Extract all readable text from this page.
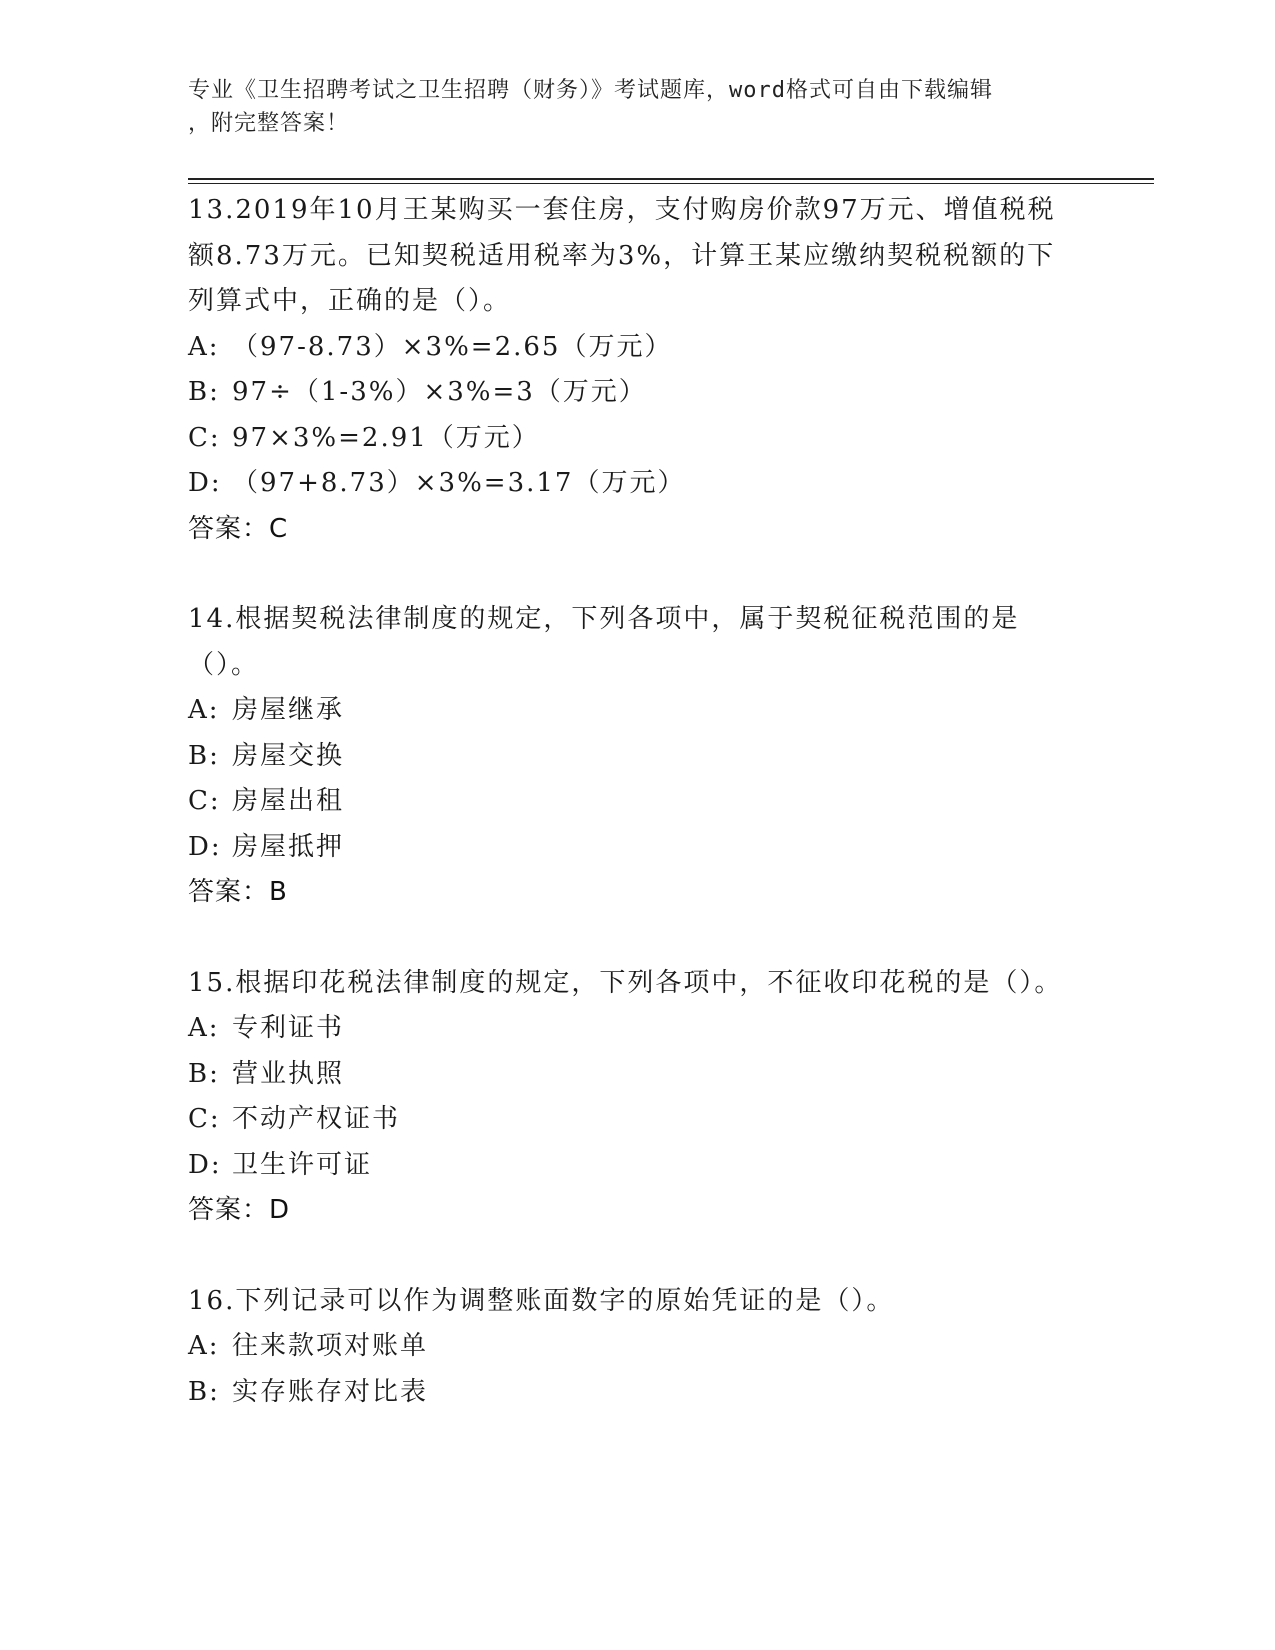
专业《卫生招聘考试之卫生招聘（财务）》考试题库，word格式可自由下载编辑
，附完整答案！
13.2019年10月王某购买一套住房，支付购房价款97万元、增值税税额8.73万元。已知契税适用税率为3%，计算王某应缴纳契税税额的下列算式中，正确的是（）。
A: （97-8.73）×3%=2.65（万元）
B: 97÷（1-3%）×3%=3（万元）
C: 97×3%=2.91（万元）
D: （97+8.73）×3%=3.17（万元）
答案：C
14.根据契税法律制度的规定，下列各项中，属于契税征税范围的是（）。
A: 房屋继承
B: 房屋交换
C: 房屋出租
D: 房屋抵押
答案：B
15.根据印花税法律制度的规定，下列各项中，不征收印花税的是（）。
A: 专利证书
B: 营业执照
C: 不动产权证书
D: 卫生许可证
答案：D
16.下列记录可以作为调整账面数字的原始凭证的是（）。
A: 往来款项对账单
B: 实存账存对比表
